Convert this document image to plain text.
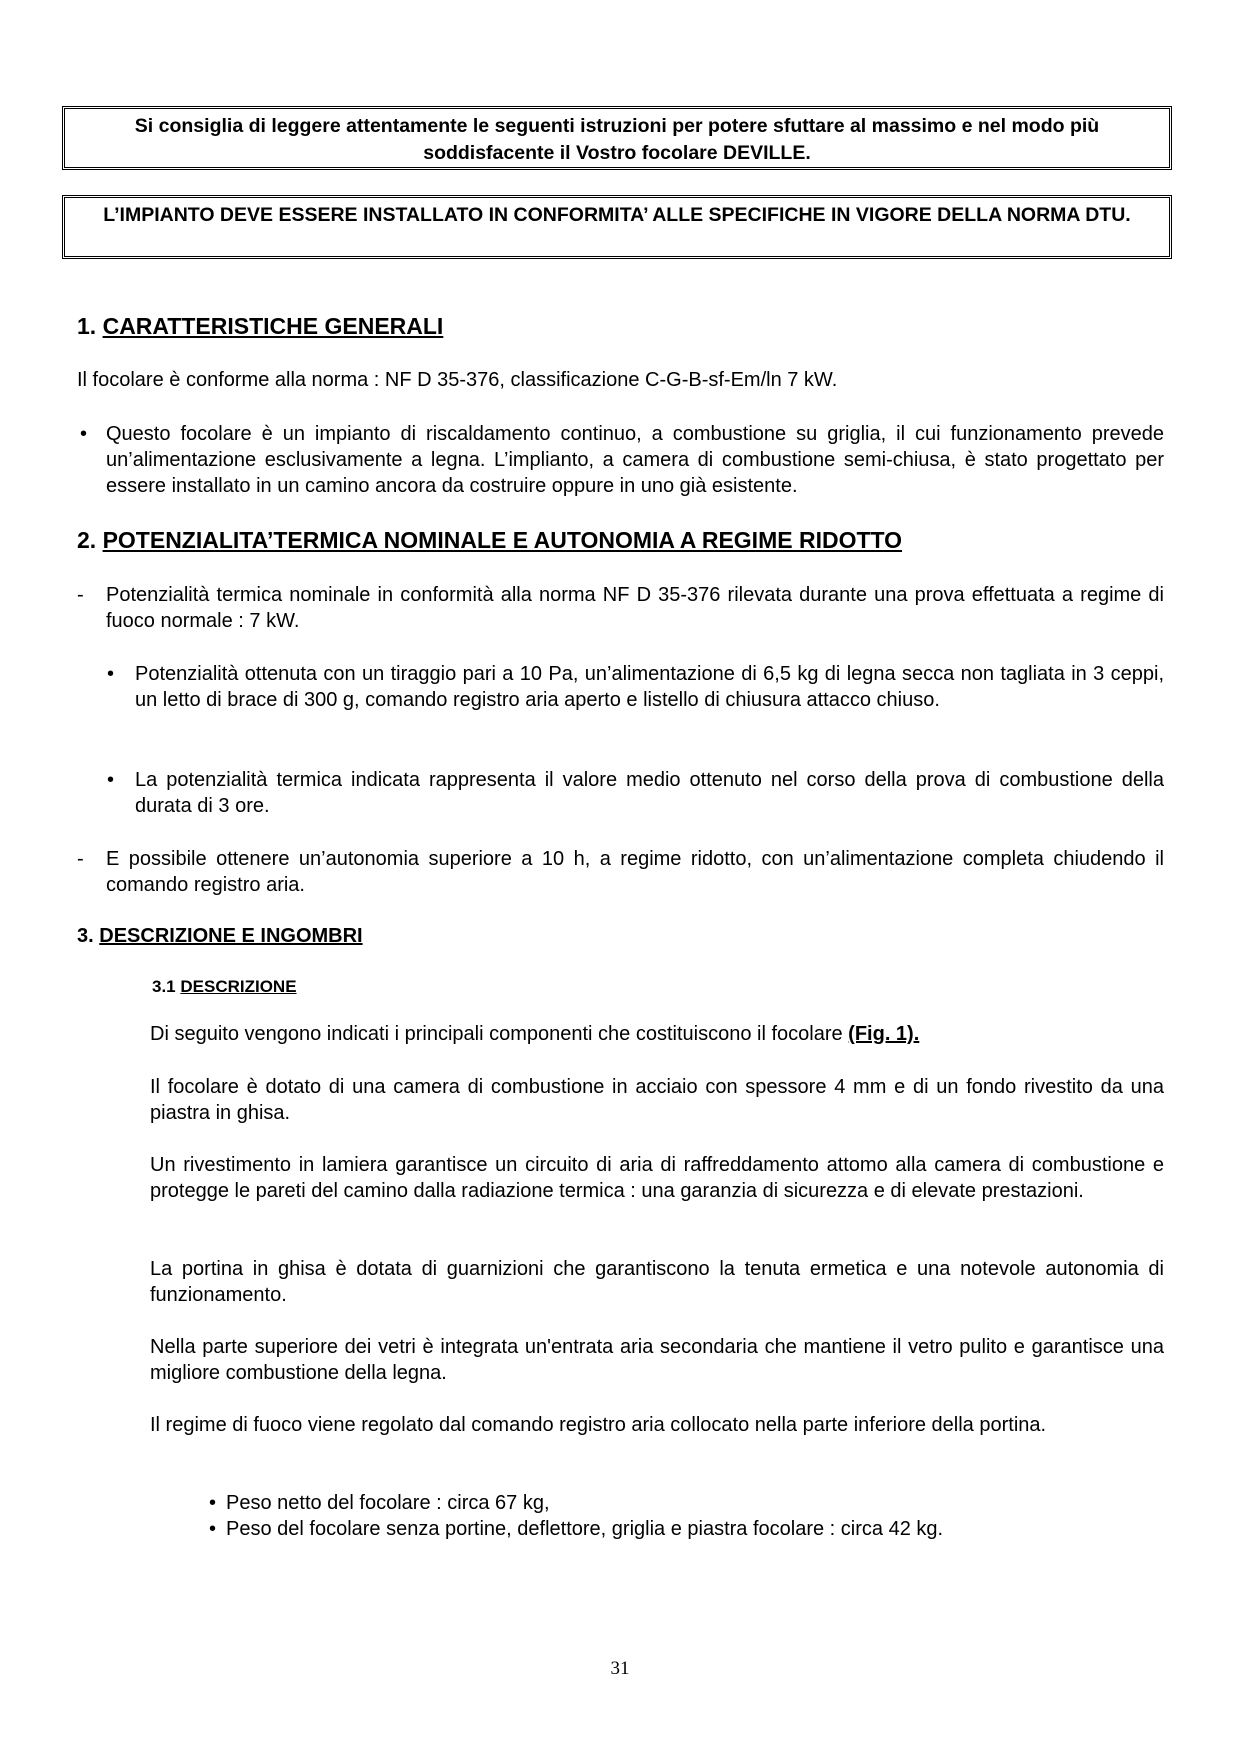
Si consiglia di leggere attentamente le seguenti istruzioni per potere sfuttare al massimo e nel modo più soddisfacente il Vostro focolare DEVILLE.
L’IMPIANTO DEVE ESSERE INSTALLATO IN CONFORMITA’ ALLE SPECIFICHE IN VIGORE DELLA NORMA DTU.
1. CARATTERISTICHE GENERALI
Il focolare è conforme alla norma : NF D 35-376, classificazione C-G-B-sf-Em/ln 7 kW.
• Questo focolare è un impianto di riscaldamento continuo, a combustione su griglia, il cui funzionamento prevede un’alimentazione esclusivamente a legna. L’implianto, a camera di combustione semi-chiusa, è stato progettato per essere installato in un camino ancora da costruire oppure in uno già esistente.
2. POTENZIALITA’TERMICA NOMINALE E AUTONOMIA A REGIME RIDOTTO
- Potenzialità termica nominale in conformità alla norma NF D 35-376 rilevata durante una prova effettuata a regime di fuoco normale : 7 kW.
• Potenzialità ottenuta con un tiraggio pari a 10 Pa, un’alimentazione di 6,5 kg di legna secca non tagliata in 3 ceppi, un letto di brace di 300 g, comando registro aria aperto e listello di chiusura attacco chiuso.
• La potenzialità termica indicata rappresenta il valore medio ottenuto nel corso della prova di combustione della durata di 3 ore.
- E possibile ottenere un’autonomia superiore a 10 h, a regime ridotto, con un’alimentazione completa chiudendo il comando registro aria.
3. DESCRIZIONE E INGOMBRI
3.1 DESCRIZIONE
Di seguito vengono indicati i principali componenti che costituiscono il focolare (Fig. 1).
Il focolare è dotato di una camera di combustione in acciaio con spessore 4 mm e di un fondo rivestito da una piastra in ghisa.
Un rivestimento in lamiera garantisce un circuito di aria di raffreddamento attomo alla camera di combustione e protegge le pareti del camino dalla radiazione termica : una garanzia di sicurezza e di elevate prestazioni.
La portina in ghisa è dotata di guarnizioni che garantiscono la tenuta ermetica e una notevole autonomia di funzionamento.
Nella parte superiore dei vetri è integrata un'entrata aria secondaria che mantiene il vetro pulito e garantisce una migliore combustione della legna.
Il regime di fuoco viene regolato dal comando registro aria collocato nella parte inferiore della portina.
• Peso netto del focolare : circa 67 kg,
• Peso del focolare senza portine, deflettore, griglia e piastra focolare : circa 42 kg.
31
